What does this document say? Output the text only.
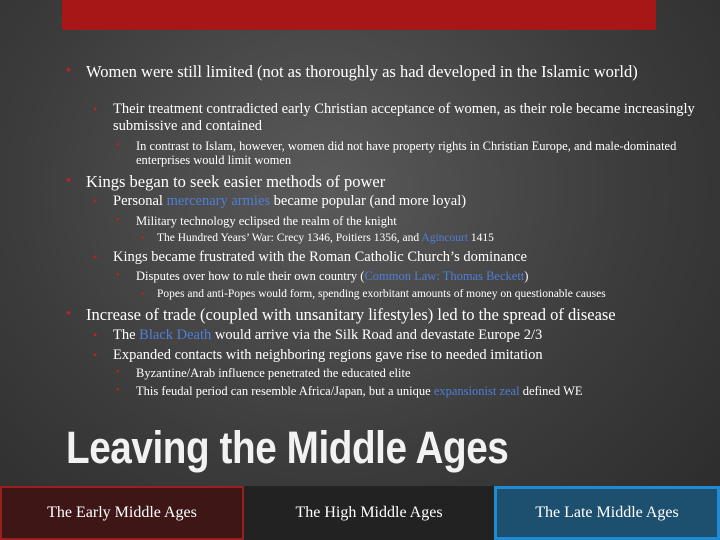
• Women were still limited (not as thoroughly as had developed in the Islamic world)
•	Their treatment contradicted early Christian acceptance of women, as their role became increasingly submissive and contained
•	In contrast to Islam, however, women did not have property rights in Christian Europe, and male-dominated enterprises would limit women
• Kings began to seek easier methods of power
•	Personal mercenary armies became popular (and more loyal)
•	Military technology eclipsed the realm of the knight
•	The Hundred Years’ War: Crecy 1346, Poitiers 1356, and Agincourt 1415
•	Kings became frustrated with the Roman Catholic Church’s dominance
•	Disputes over how to rule their own country (Common Law: Thomas Beckett)
•	Popes and anti-Popes would form, spending exorbitant amounts of money on questionable causes
• Increase of trade (coupled with unsanitary lifestyles) led to the spread of disease
•	The Black Death would arrive via the Silk Road and devastate Europe 2/3
•	Expanded contacts with neighboring regions gave rise to needed imitation
•	Byzantine/Arab influence penetrated the educated elite
•	This feudal period can resemble Africa/Japan, but a unique expansionist zeal defined WE
Leaving the Middle Ages
The Early Middle Ages	The High Middle Ages	The Late Middle Ages
